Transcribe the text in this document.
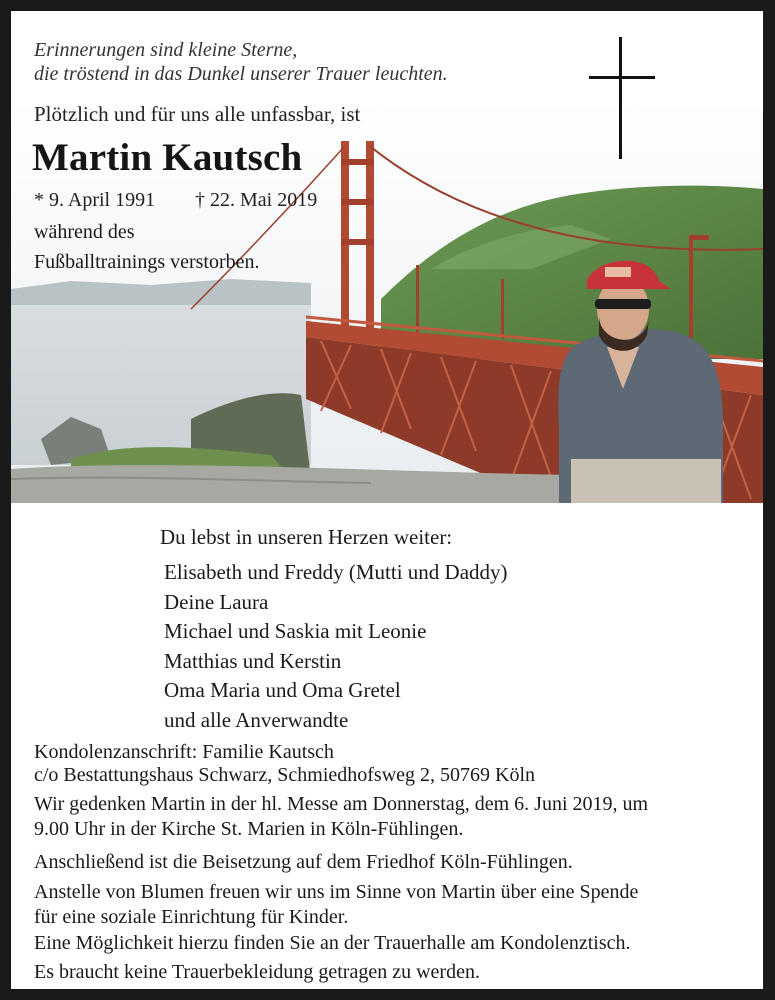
Erinnerungen sind kleine Sterne,
die tröstend in das Dunkel unserer Trauer leuchten.
Plötzlich und für uns alle unfassbar, ist
Martin Kautsch
* 9. April 1991 † 22. Mai 2019
während des
Fußballtrainings verstorben.
Du lebst in unseren Herzen weiter:
Elisabeth und Freddy (Mutti und Daddy)
Deine Laura
Michael und Saskia mit Leonie
Matthias und Kerstin
Oma Maria und Oma Gretel
und alle Anverwandte
Kondolenzanschrift: Familie Kautsch
c/o Bestattungshaus Schwarz, Schmiedhofsweg 2, 50769 Köln
Wir gedenken Martin in der hl. Messe am Donnerstag, dem 6. Juni 2019, um
9.00 Uhr in der Kirche St. Marien in Köln-Fühlingen.
Anschließend ist die Beisetzung auf dem Friedhof Köln-Fühlingen.
Anstelle von Blumen freuen wir uns im Sinne von Martin über eine Spende
für eine soziale Einrichtung für Kinder.
Eine Möglichkeit hierzu finden Sie an der Trauerhalle am Kondolenztisch.
Es braucht keine Trauerbekleidung getragen zu werden.
